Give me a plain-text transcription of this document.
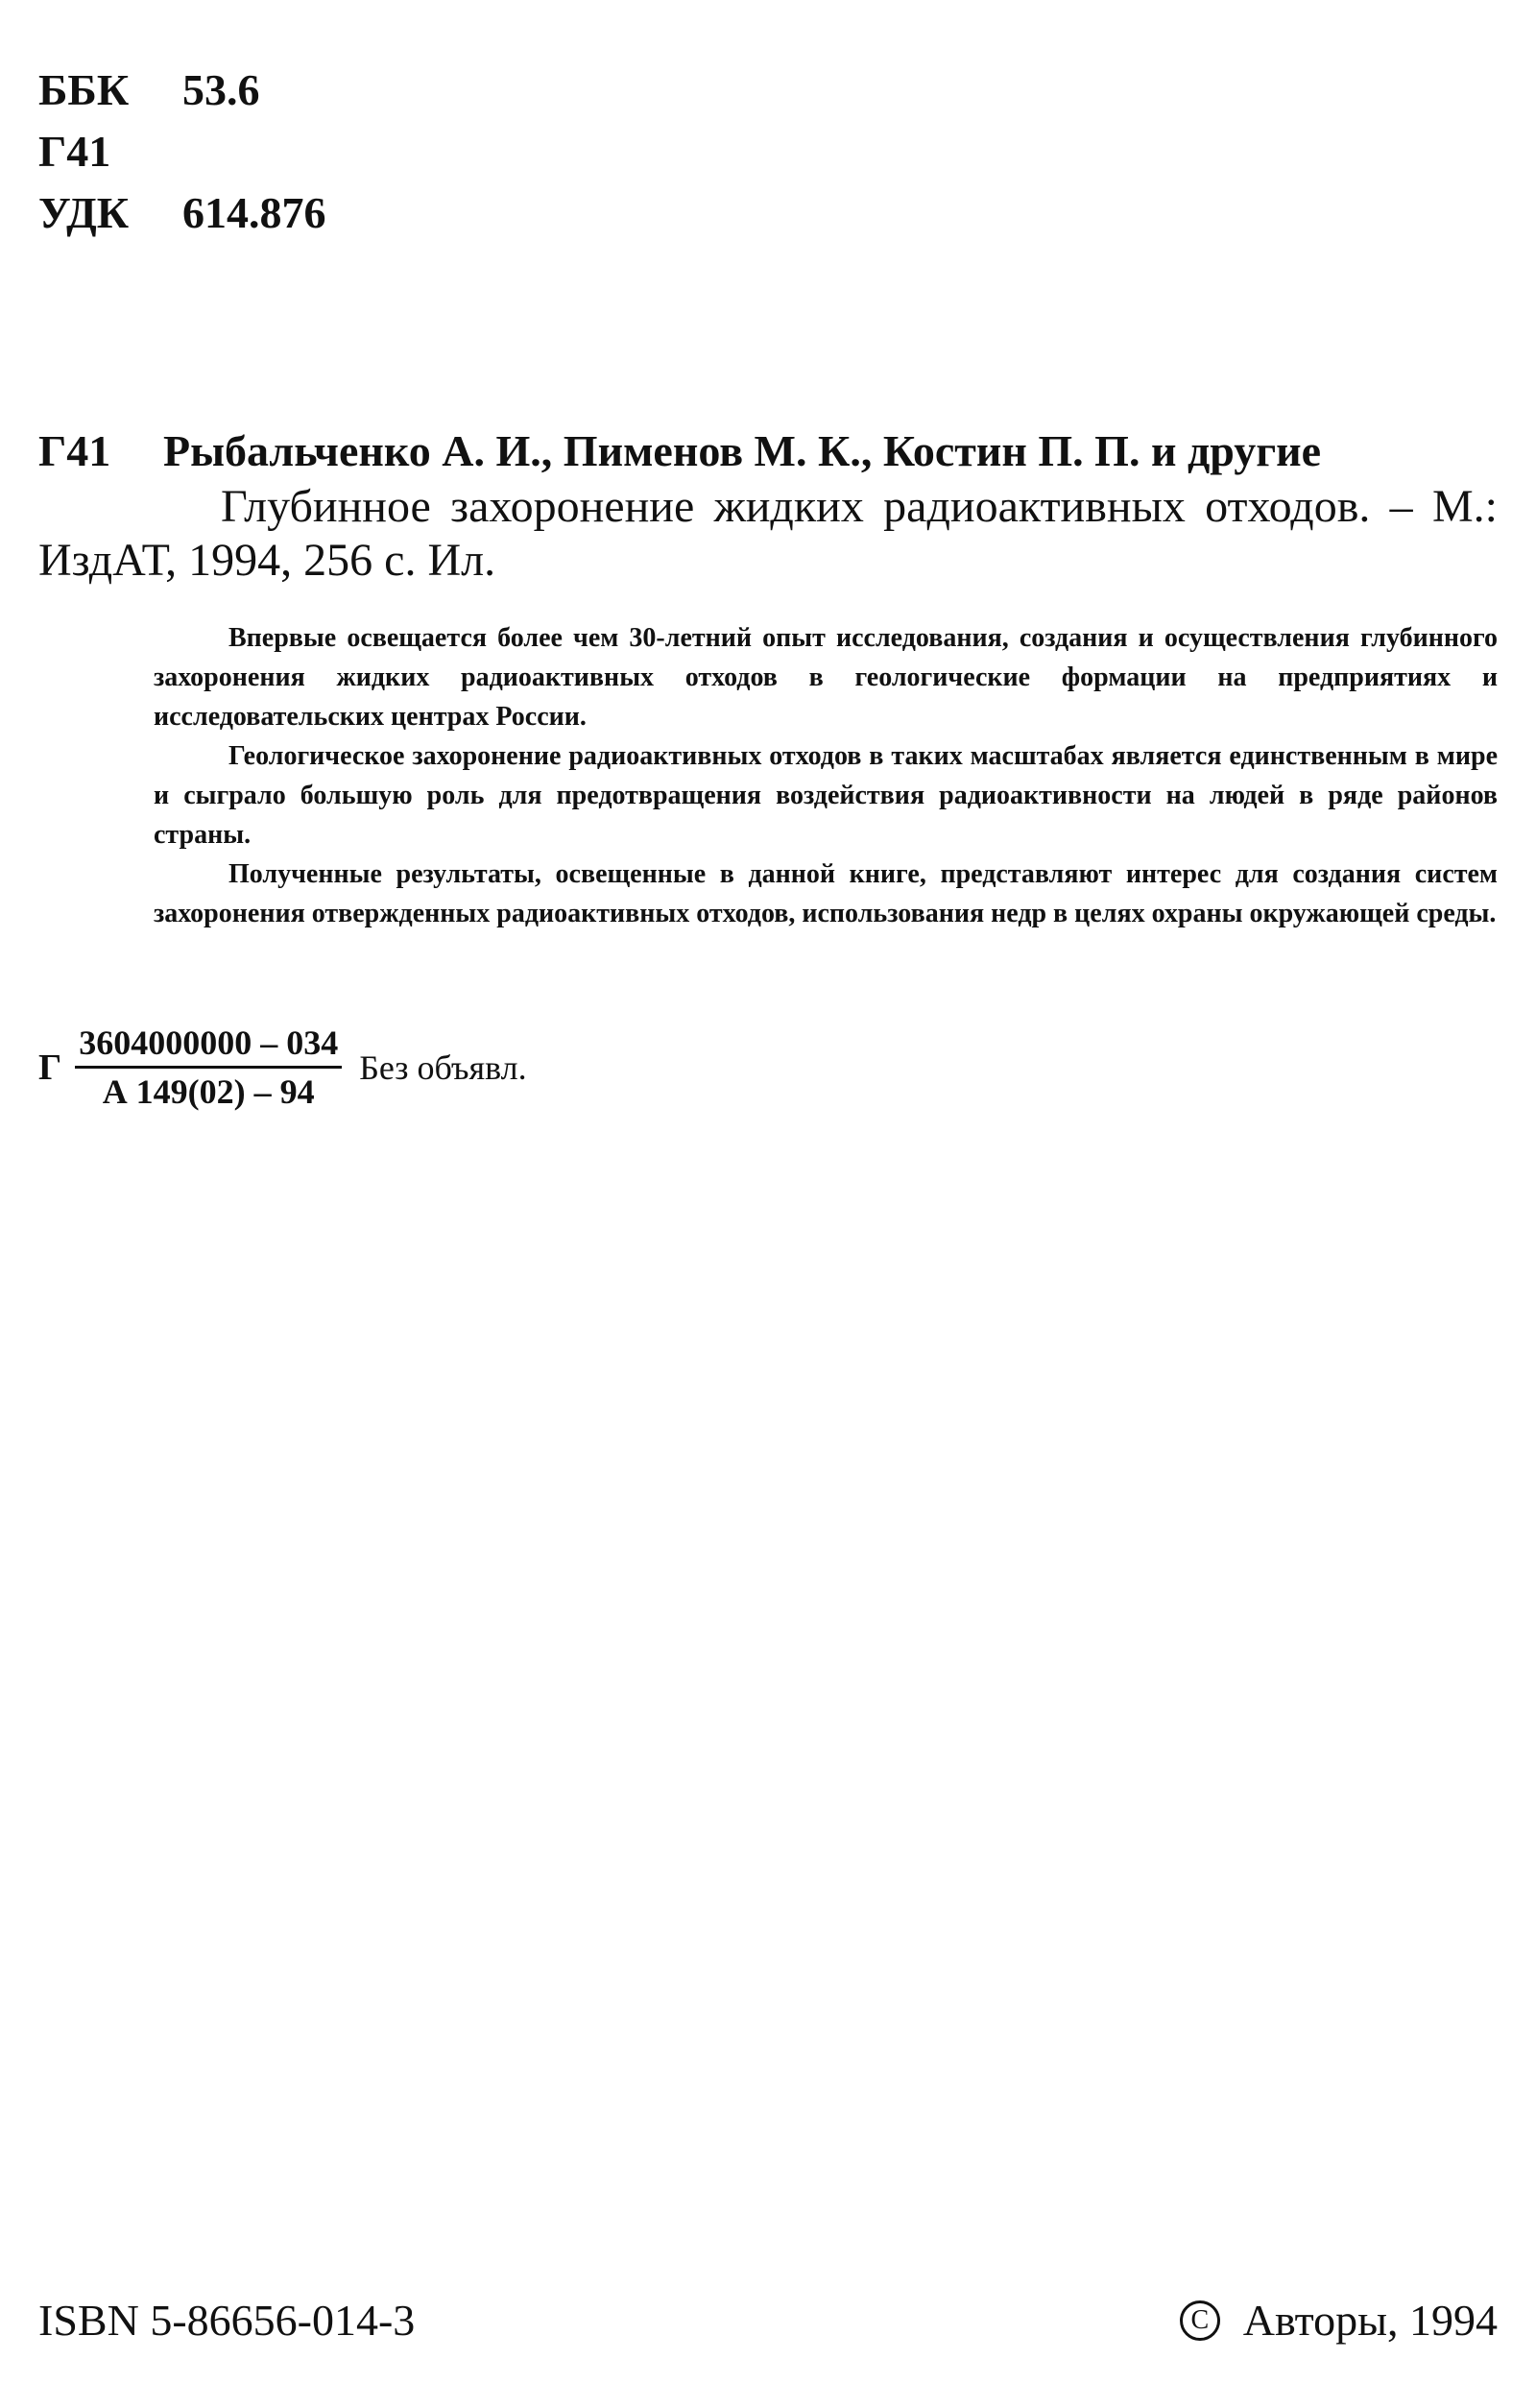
ББК	53.6
Г41
УДК	614.876
Г41	Рыбальченко А. И., Пименов М. К., Костин П. П. и другие
Глубинное захоронение жидких радиоактивных отходов. – М.: ИздАТ, 1994, 256 с. Ил.

Впервые освещается более чем 30-летний опыт исследования, создания и осуществления глубинного захоронения жидких радиоактивных отходов в геологические формации на предприятиях и исследовательских центрах России.

Геологическое захоронение радиоактивных отходов в таких масштабах является единственным в мире и сыграло большую роль для предотвращения воздействия радиоактивности на людей в ряде районов страны.

Полученные результаты, освещенные в данной книге, представляют интерес для создания систем захоронения отвержденных радиоактивных отходов, использования недр в целях охраны окружающей среды.

Г $\frac{3604000000 - 034}{А 149(02) - 94}$ Без объявл.
ISBN 5-86656-014-3	C Авторы, 1994
